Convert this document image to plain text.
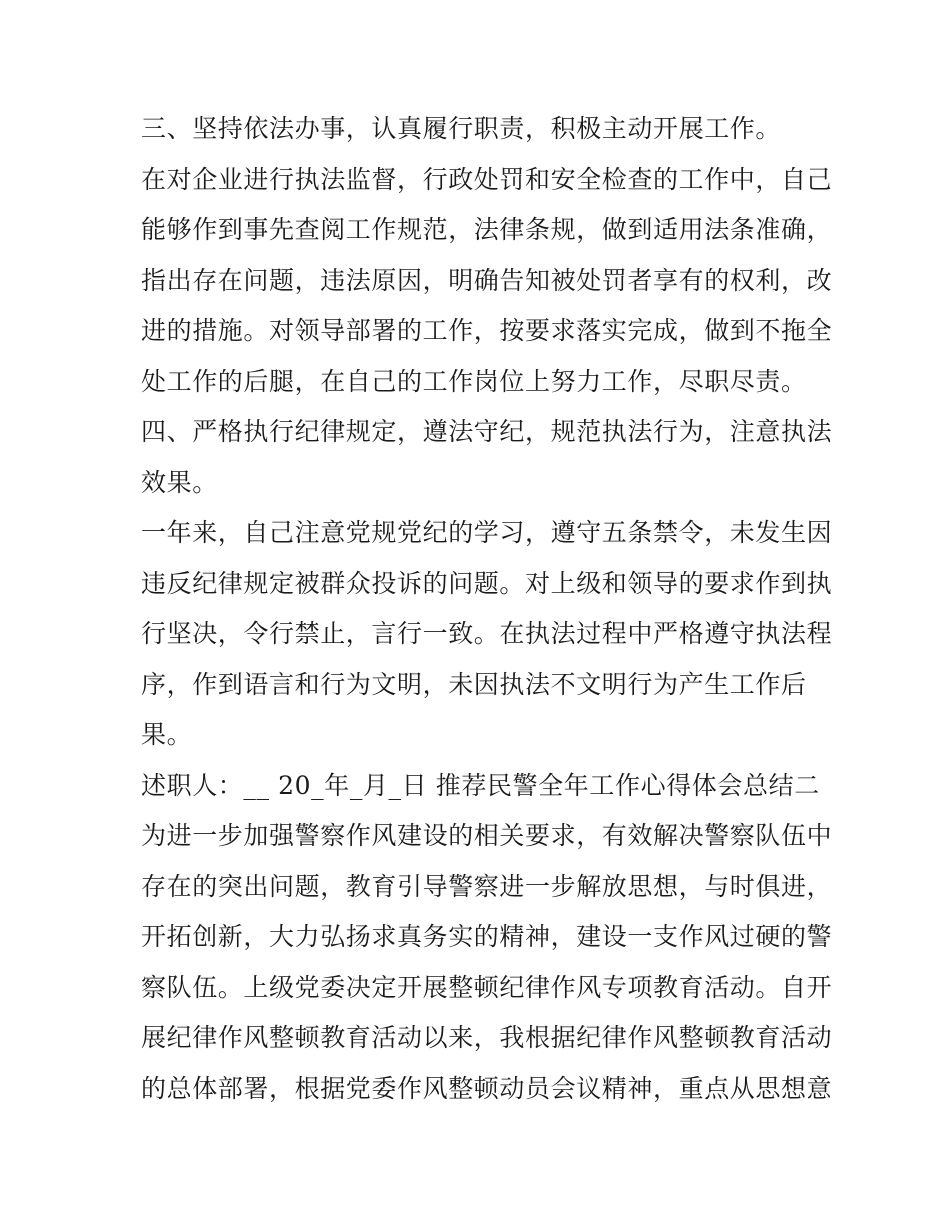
三、坚持依法办事，认真履行职责，积极主动开展工作。
在对企业进行执法监督，行政处罚和安全检查的工作中，自己
能够作到事先查阅工作规范，法律条规，做到适用法条准确，
指出存在问题，违法原因，明确告知被处罚者享有的权利，改
进的措施。对领导部署的工作，按要求落实完成，做到不拖全
处工作的后腿，在自己的工作岗位上努力工作，尽职尽责。
四、严格执行纪律规定，遵法守纪，规范执法行为，注意执法
效果。
一年来，自己注意党规党纪的学习，遵守五条禁令，未发生因
违反纪律规定被群众投诉的问题。对上级和领导的要求作到执
行坚决，令行禁止，言行一致。在执法过程中严格遵守执法程
序，作到语言和行为文明，未因执法不文明行为产生工作后
果。
述职人：__ 20_年_月_日 推荐民警全年工作心得体会总结二
为进一步加强警察作风建设的相关要求，有效解决警察队伍中
存在的突出问题，教育引导警察进一步解放思想，与时俱进，
开拓创新，大力弘扬求真务实的精神，建设一支作风过硬的警
察队伍。上级党委决定开展整顿纪律作风专项教育活动。自开
展纪律作风整顿教育活动以来，我根据纪律作风整顿教育活动
的总体部署，根据党委作风整顿动员会议精神，重点从思想意
